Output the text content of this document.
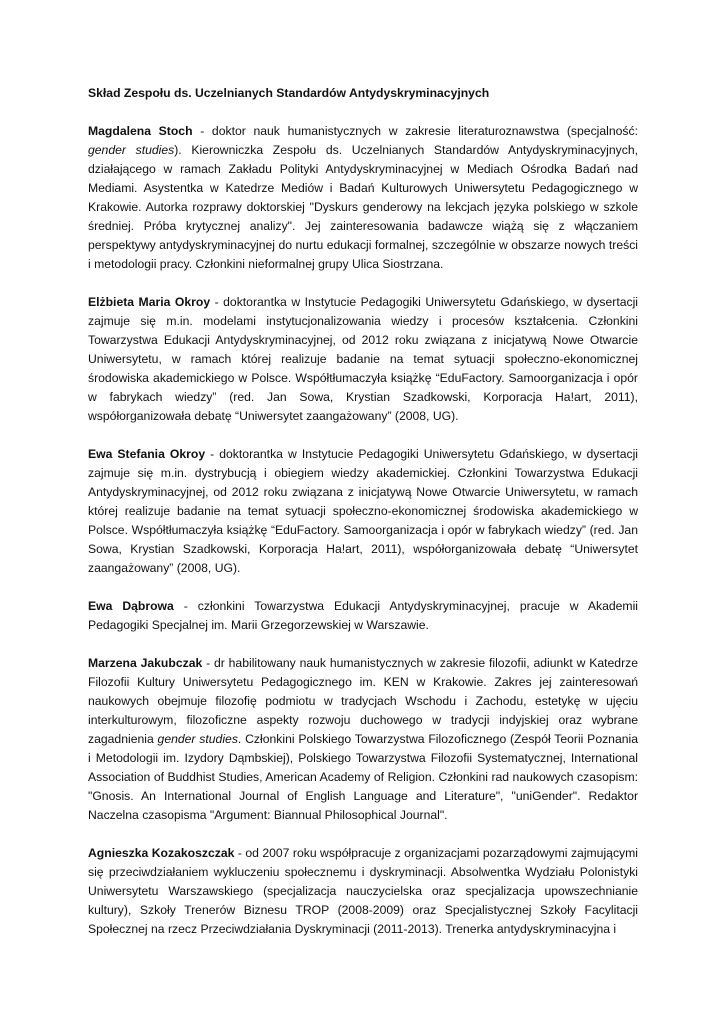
Skład Zespołu ds. Uczelnianych Standardów Antydyskryminacyjnych

Magdalena Stoch - doktor nauk humanistycznych w zakresie literaturoznawstwa (specjalność: gender studies). Kierowniczka Zespołu ds. Uczelnianych Standardów Antydyskryminacyjnych, działającego w ramach Zakładu Polityki Antydyskryminacyjnej w Mediach Ośrodka Badań nad Mediami. Asystentka w Katedrze Mediów i Badań Kulturowych Uniwersytetu Pedagogicznego w Krakowie. Autorka rozprawy doktorskiej "Dyskurs genderowy na lekcjach języka polskiego w szkole średniej. Próba krytycznej analizy". Jej zainteresowania badawcze wiążą się z włączaniem perspektywy antydyskryminacyjnej do nurtu edukacji formalnej, szczególnie w obszarze nowych treści i metodologii pracy. Członkini nieformalnej grupy Ulica Siostrzana.

Elżbieta Maria Okroy - doktorantka w Instytucie Pedagogiki Uniwersytetu Gdańskiego, w dysertacji zajmuje się m.in. modelami instytucjonalizowania wiedzy i procesów kształcenia. Członkini Towarzystwa Edukacji Antydyskryminacyjnej, od 2012 roku związana z inicjatywą Nowe Otwarcie Uniwersytetu, w ramach której realizuje badanie na temat sytuacji społeczno-ekonomicznej środowiska akademickiego w Polsce. Współtłumaczyła książkę “EduFactory. Samoorganizacja i opór w fabrykach wiedzy” (red. Jan Sowa, Krystian Szadkowski, Korporacja Ha!art, 2011), współorganizowała debatę “Uniwersytet zaangażowany” (2008, UG).

Ewa Stefania Okroy - doktorantka w Instytucie Pedagogiki Uniwersytetu Gdańskiego, w dysertacji zajmuje się m.in. dystrybucją i obiegiem wiedzy akademickiej. Członkini Towarzystwa Edukacji Antydyskryminacyjnej, od 2012 roku związana z inicjatywą Nowe Otwarcie Uniwersytetu, w ramach której realizuje badanie na temat sytuacji społeczno-ekonomicznej środowiska akademickiego w Polsce. Współtłumaczyła książkę “EduFactory. Samoorganizacja i opór w fabrykach wiedzy” (red. Jan Sowa, Krystian Szadkowski, Korporacja Ha!art, 2011), współorganizowała debatę “Uniwersytet zaangażowany” (2008, UG).

Ewa Dąbrowa - członkini Towarzystwa Edukacji Antydyskryminacyjnej, pracuje w Akademii Pedagogiki Specjalnej im. Marii Grzegorzewskiej w Warszawie.

Marzena Jakubczak - dr habilitowany nauk humanistycznych w zakresie filozofii, adiunkt w Katedrze Filozofii Kultury Uniwersytetu Pedagogicznego im. KEN w Krakowie. Zakres jej zainteresowań naukowych obejmuje filozofię podmiotu w tradycjach Wschodu i Zachodu, estetykę w ujęciu interkulturowym, filozoficzne aspekty rozwoju duchowego w tradycji indyjskiej oraz wybrane zagadnienia gender studies. Członkini Polskiego Towarzystwa Filozoficznego (Zespół Teorii Poznania i Metodologii im. Izydory Dąmbskiej), Polskiego Towarzystwa Filozofii Systematycznej, International Association of Buddhist Studies, American Academy of Religion. Członkini rad naukowych czasopism: "Gnosis. An International Journal of English Language and Literature", "uniGender". Redaktor Naczelna czasopisma "Argument: Biannual Philosophical Journal".

Agnieszka Kozakoszczak - od 2007 roku współpracuje z organizacjami pozarządowymi zajmującymi się przeciwdziałaniem wykluczeniu społecznemu i dyskryminacji. Absolwentka Wydziału Polonistyki Uniwersytetu Warszawskiego (specjalizacja nauczycielska oraz specjalizacja upowszechnianie kultury), Szkoły Trenerów Biznesu TROP (2008-2009) oraz Specjalistycznej Szkoły Facylitacji Społecznej na rzecz Przeciwdziałania Dyskryminacji (2011-2013). Trenerka antydyskryminacyjna i
